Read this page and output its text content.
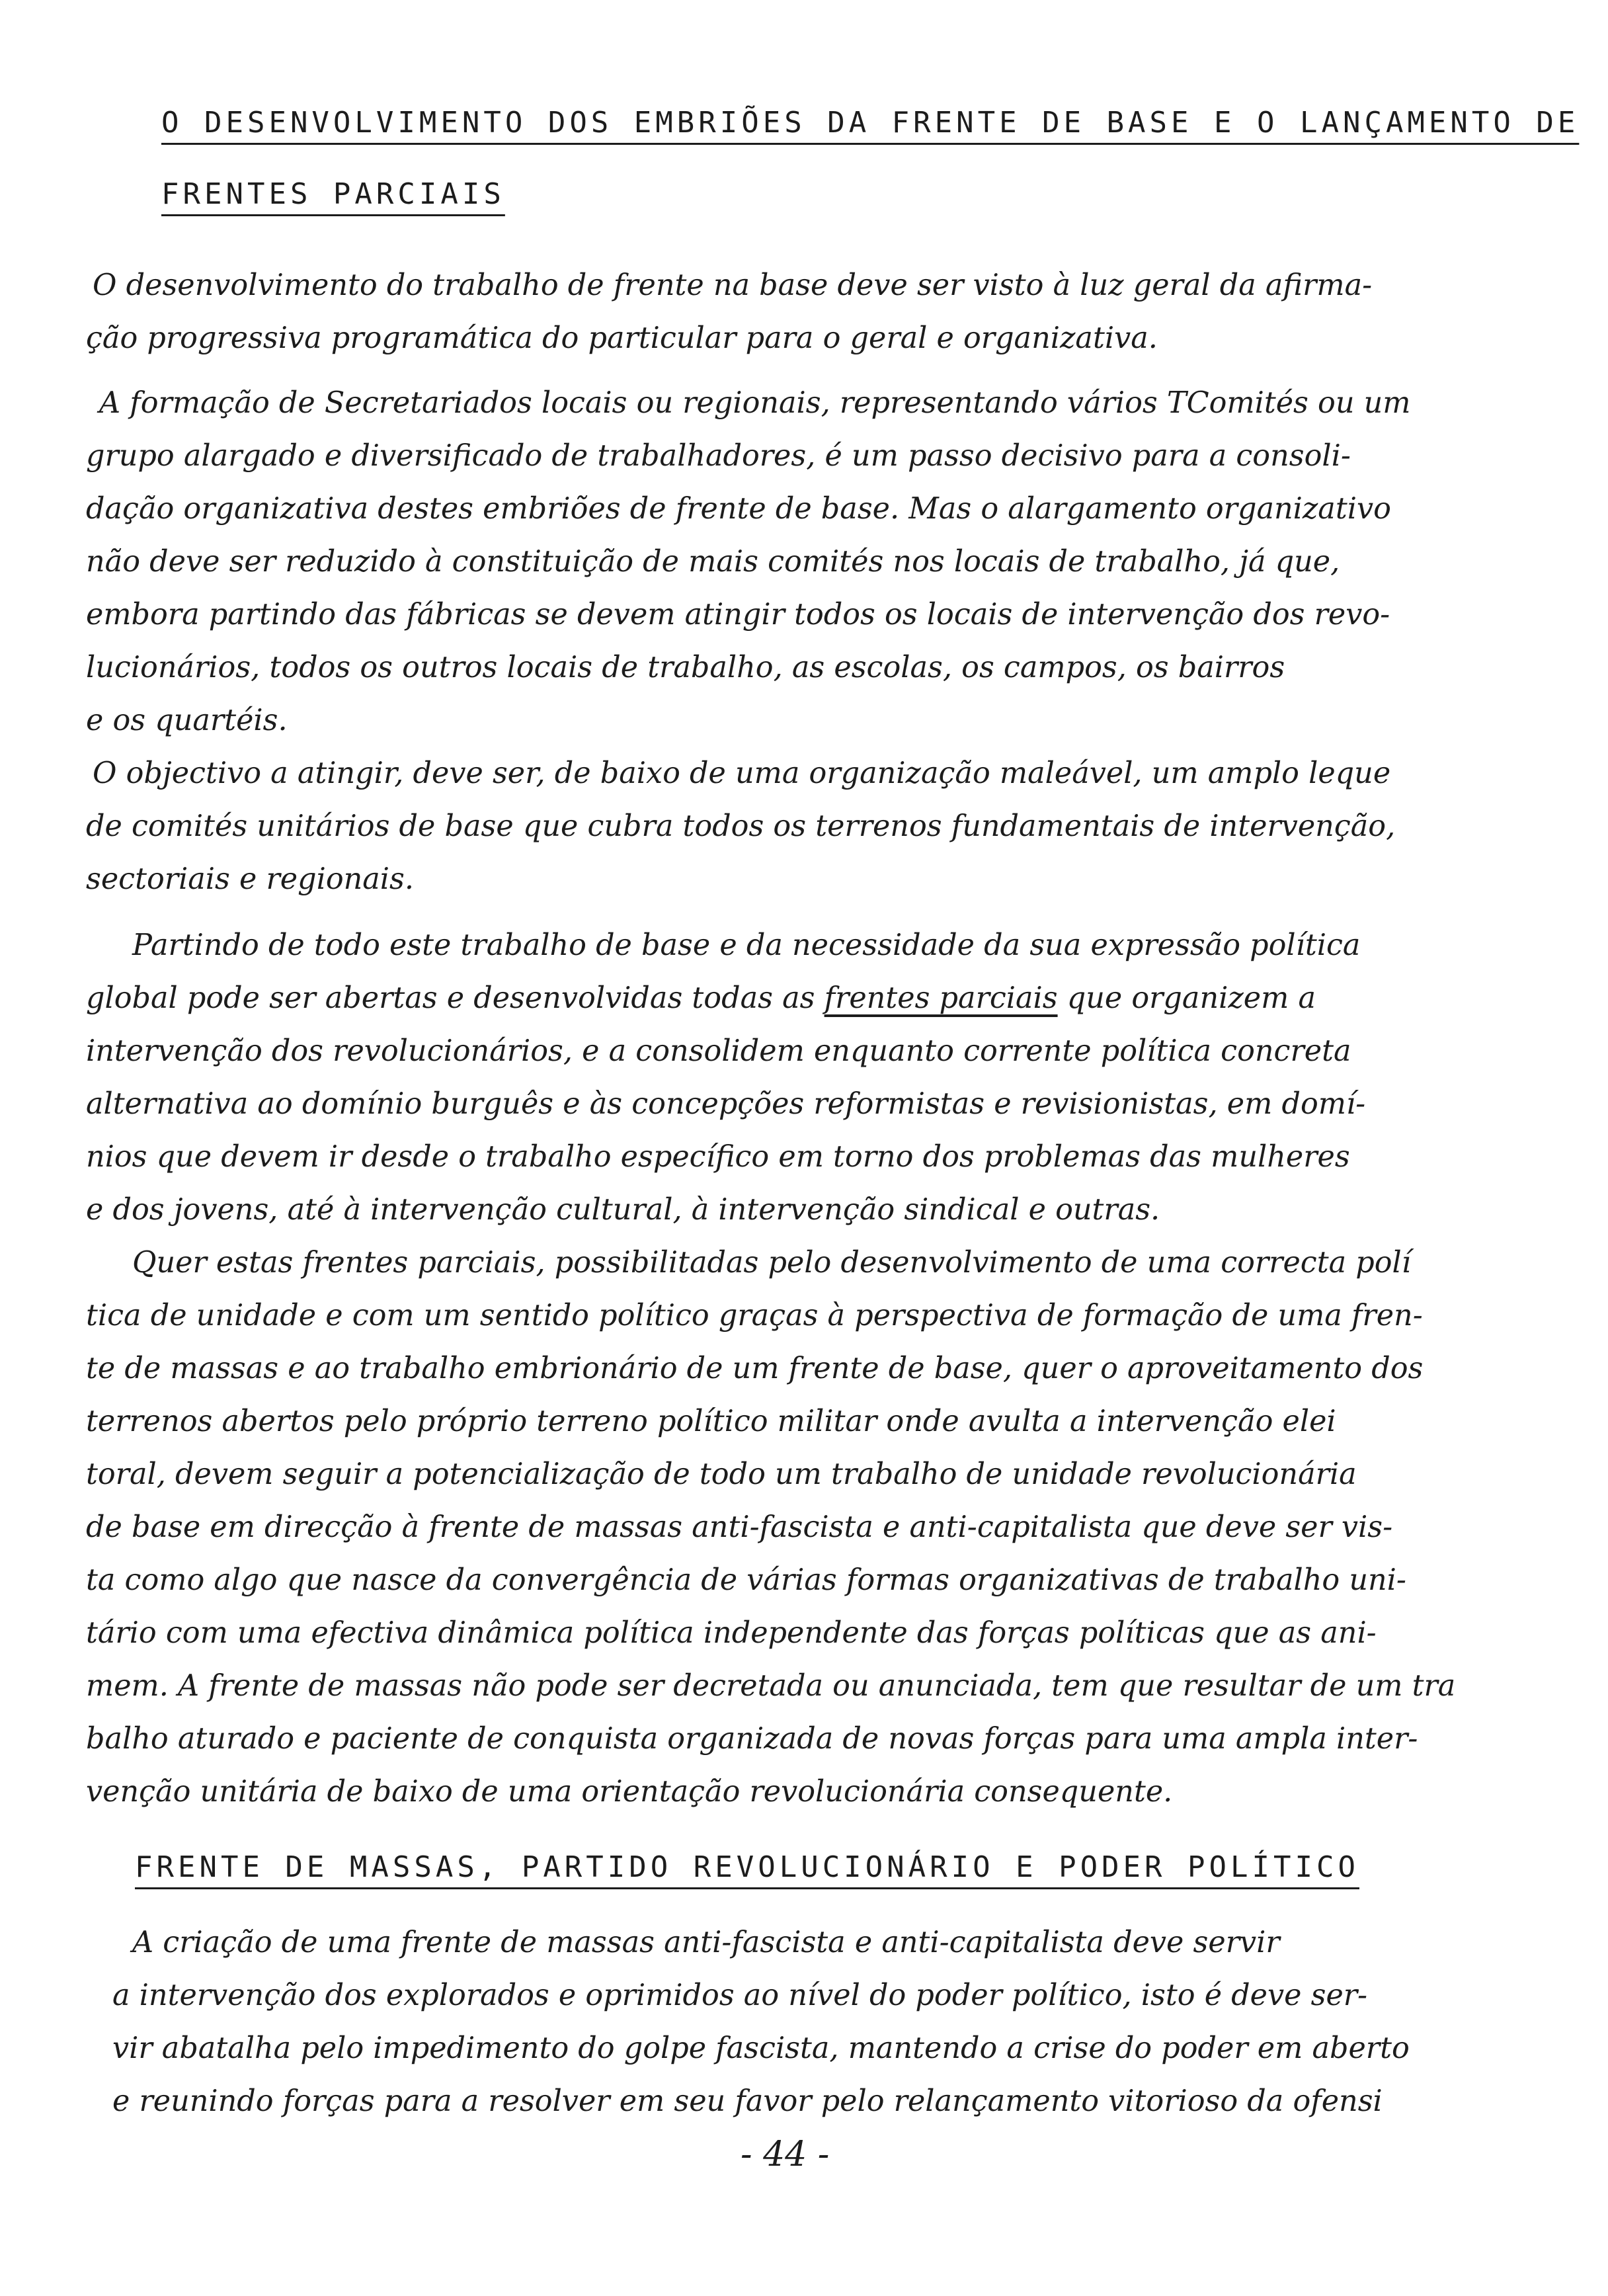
O DESENVOLVIMENTO DOS EMBRIÕES DA FRENTE DE BASE E O LANÇAMENTO DE
FRENTES PARCIAIS

O desenvolvimento do trabalho de frente na base deve ser visto à luz geral da afirma-
ção progressiva programática do particular para o geral e organizativa.

A formação de Secretariados locais ou regionais, representando vários TComités ou um
grupo alargado e diversificado de trabalhadores, é um passo decisivo para a consoli-
dação organizativa destes embriões de frente de base. Mas o alargamento organizativo
não deve ser reduzido à constituição de mais comités nos locais de trabalho, já que,
embora partindo das fábricas se devem atingir todos os locais de intervenção dos revo-
lucionários, todos os outros locais de trabalho, as escolas, os campos, os bairros
e os quartéis.

O objectivo a atingir, deve ser, de baixo de uma organização maleável, um amplo leque
de comités unitários de base que cubra todos os terrenos fundamentais de intervenção,
sectoriais e regionais.

Partindo de todo este trabalho de base e da necessidade da sua expressão política
global pode ser abertas e desenvolvidas todas as frentes parciais que organizem a
intervenção dos revolucionários, e a consolidem enquanto corrente política concreta
alternativa ao domínio burguês e às concepções reformistas e revisionistas, em domí-
nios que devem ir desde o trabalho específico em torno dos problemas das mulheres
e dos jovens, até à intervenção cultural, à intervenção sindical e outras.

Quer estas frentes parciais, possibilitadas pelo desenvolvimento de uma correcta polí
tica de unidade e com um sentido político graças à perspectiva de formação de uma fren-
te de massas e ao trabalho embrionário de um frente de base, quer o aproveitamento dos
terrenos abertos pelo próprio terreno político militar onde avulta a intervenção elei
toral, devem seguir a potencialização de todo um trabalho de unidade revolucionária
de base em direcção à frente de massas anti-fascista e anti-capitalista que deve ser vis-
ta como algo que nasce da convergência de várias formas organizativas de trabalho uni-
tário com uma efectiva dinâmica política independente das forças políticas que as ani-
mem. A frente de massas não pode ser decretada ou anunciada, tem que resultar de um tra
balho aturado e paciente de conquista organizada de novas forças para uma ampla inter-
venção unitária de baixo de uma orientação revolucionária consequente.

FRENTE DE MASSAS, PARTIDO REVOLUCIONÁRIO E PODER POLÍTICO

A criação de uma frente de massas anti-fascista e anti-capitalista deve servir
a intervenção dos explorados e oprimidos ao nível do poder político, isto é deve ser-
vir abatalha pelo impedimento do golpe fascista, mantendo a crise do poder em aberto
e reunindo forças para a resolver em seu favor pelo relançamento vitorioso da ofensi

- 44 -
